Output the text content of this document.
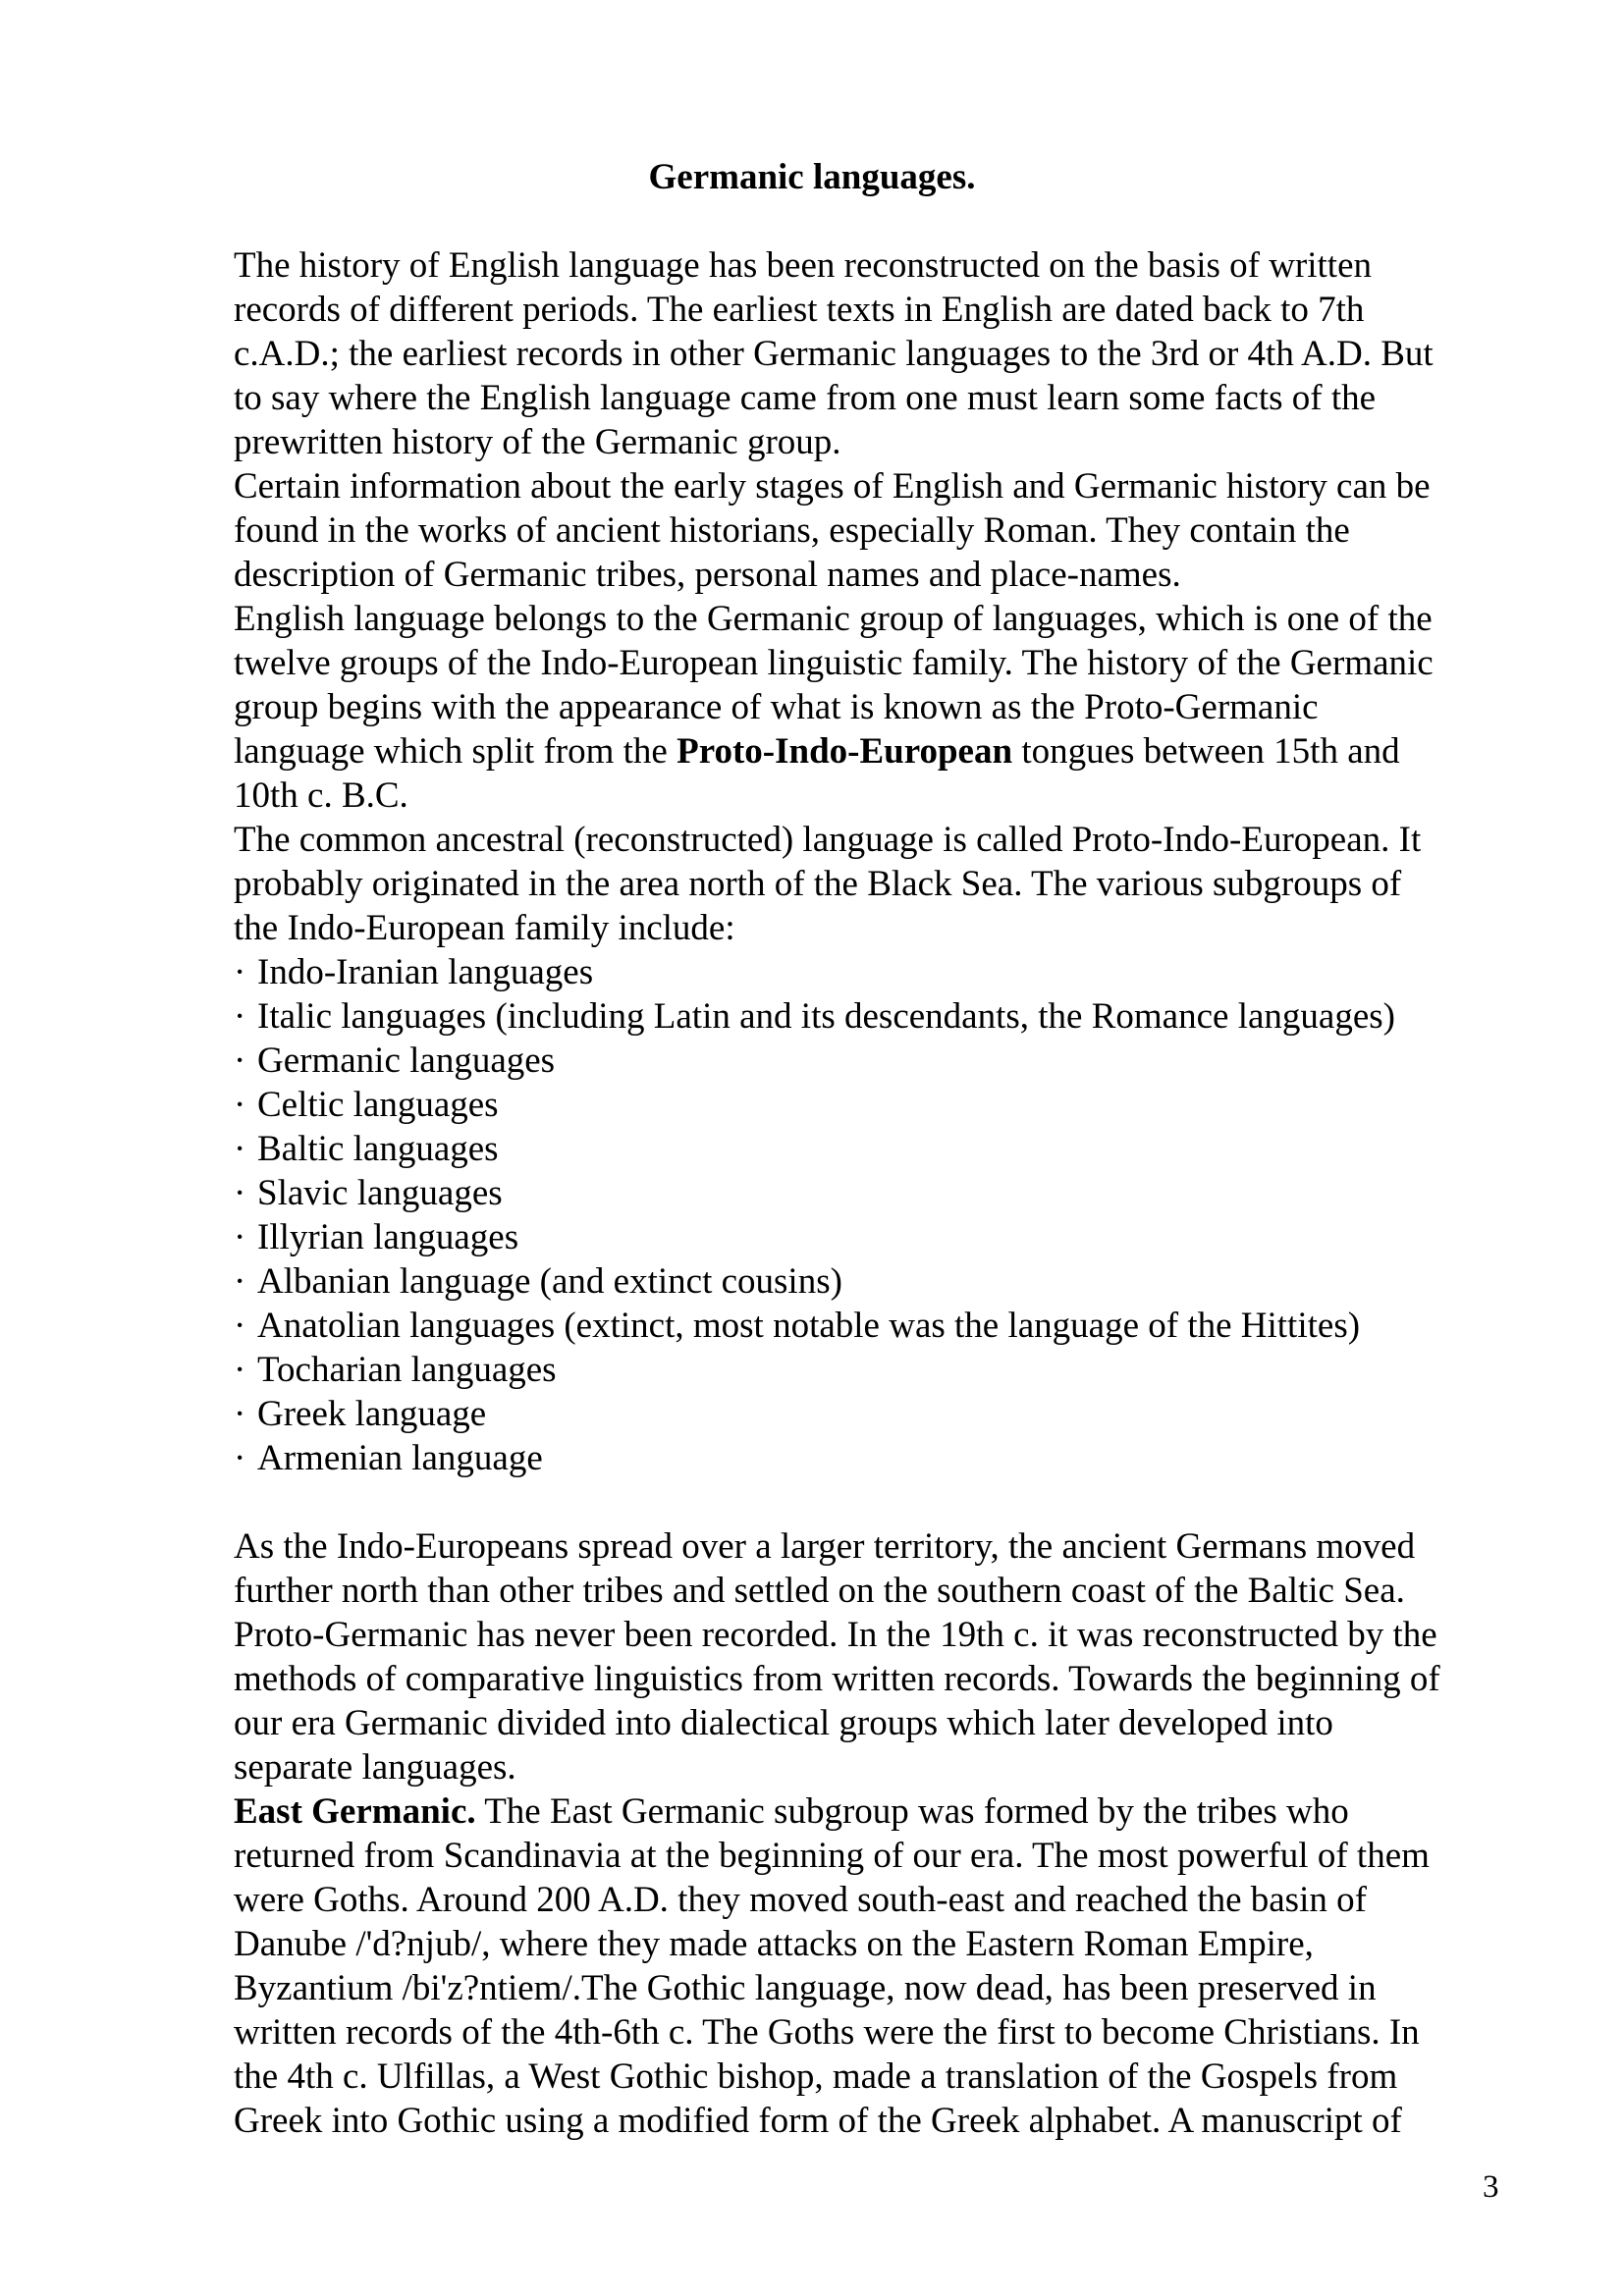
Germanic languages.

The history of English language has been reconstructed on the basis of written
records of different periods. The earliest texts in English are dated back to 7th
c.A.D.; the earliest records in other Germanic languages to the 3rd or 4th A.D. But
to say where the English language came from one must learn some facts of the
prewritten history of the Germanic group.

Certain information about the early stages of English and Germanic history can be
found in the works of ancient historians, especially Roman. They contain the
description of Germanic tribes, personal names and place-names.

English language belongs to the Germanic group of languages, which is one of the
twelve groups of the Indo-European linguistic family. The history of the Germanic
group begins with the appearance of what is known as the Proto-Germanic
language which split from the Proto-Indo-European tongues between 15th and
10th c. B.C.

The common ancestral (reconstructed) language is called Proto-Indo-European. It
probably originated in the area north of the Black Sea. The various subgroups of
the Indo-European family include:

· Indo-Iranian languages
· Italic languages (including Latin and its descendants, the Romance languages)
· Germanic languages
· Celtic languages
· Baltic languages
· Slavic languages
· Illyrian languages
· Albanian language (and extinct cousins)
· Anatolian languages (extinct, most notable was the language of the Hittites)
· Tocharian languages
· Greek language
· Armenian language

As the Indo-Europeans spread over a larger territory, the ancient Germans moved
further north than other tribes and settled on the southern coast of the Baltic Sea.
Proto-Germanic has never been recorded. In the 19th c. it was reconstructed by the
methods of comparative linguistics from written records. Towards the beginning of
our era Germanic divided into dialectical groups which later developed into
separate languages.

East Germanic. The East Germanic subgroup was formed by the tribes who
returned from Scandinavia at the beginning of our era. The most powerful of them
were Goths. Around 200 A.D. they moved south-east and reached the basin of
Danube /'d?njub/, where they made attacks on the Eastern Roman Empire,
Byzantium /bi'z?ntiem/.The Gothic language, now dead, has been preserved in
written records of the 4th-6th c. The Goths were the first to become Christians. In
the 4th c. Ulfillas, a West Gothic bishop, made a translation of the Gospels from
Greek into Gothic using a modified form of the Greek alphabet. A manuscript of

3
